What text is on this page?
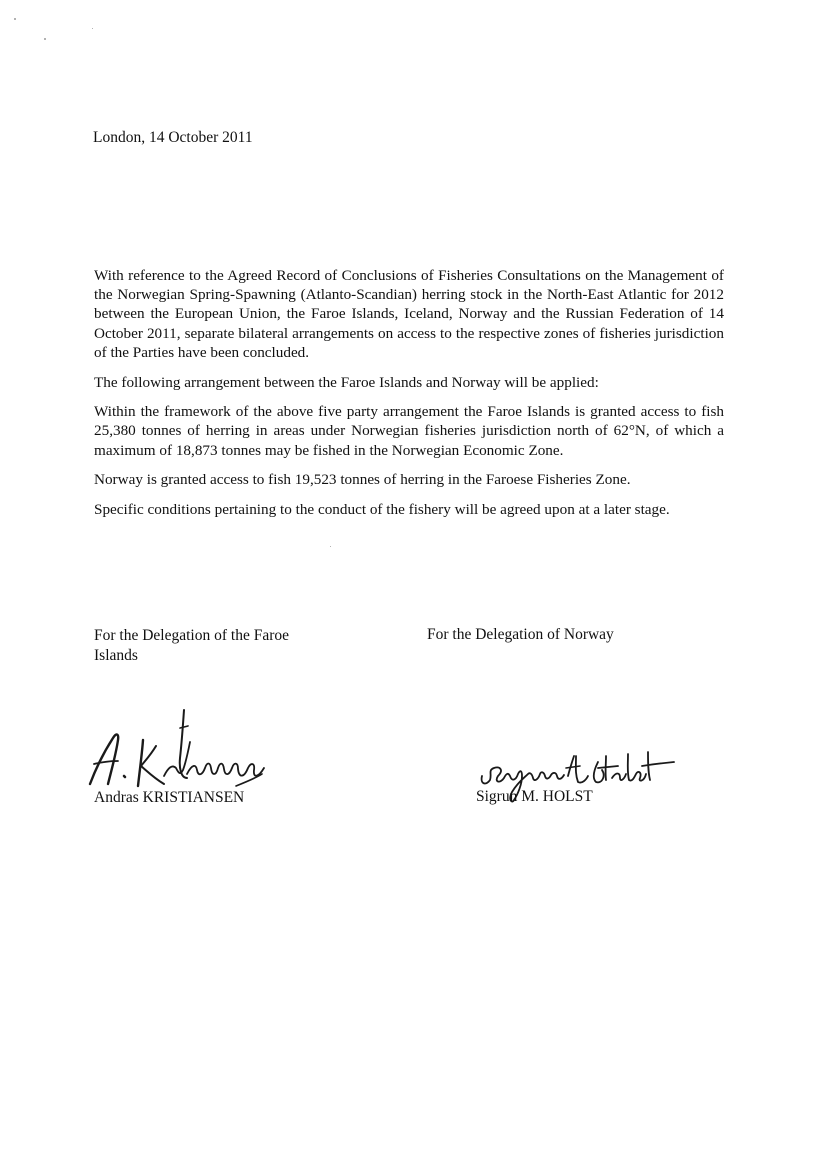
London, 14 October 2011

With reference to the Agreed Record of Conclusions of Fisheries Consultations on the Management of the Norwegian Spring-Spawning (Atlanto-Scandian) herring stock in the North-East Atlantic for 2012 between the European Union, the Faroe Islands, Iceland, Norway and the Russian Federation of 14 October 2011, separate bilateral arrangements on access to the respective zones of fisheries jurisdiction of the Parties have been concluded.

The following arrangement between the Faroe Islands and Norway will be applied:

Within the framework of the above five party arrangement the Faroe Islands is granted access to fish 25,380 tonnes of herring in areas under Norwegian fisheries jurisdiction north of 62°N, of which a maximum of 18,873 tonnes may be fished in the Norwegian Economic Zone.

Norway is granted access to fish 19,523 tonnes of herring in the Faroese Fisheries Zone.

Specific conditions pertaining to the conduct of the fishery will be agreed upon at a later stage.

For the Delegation of the Faroe Islands
For the Delegation of Norway
Andras KRISTIANSEN	Sigrun M. HOLST
